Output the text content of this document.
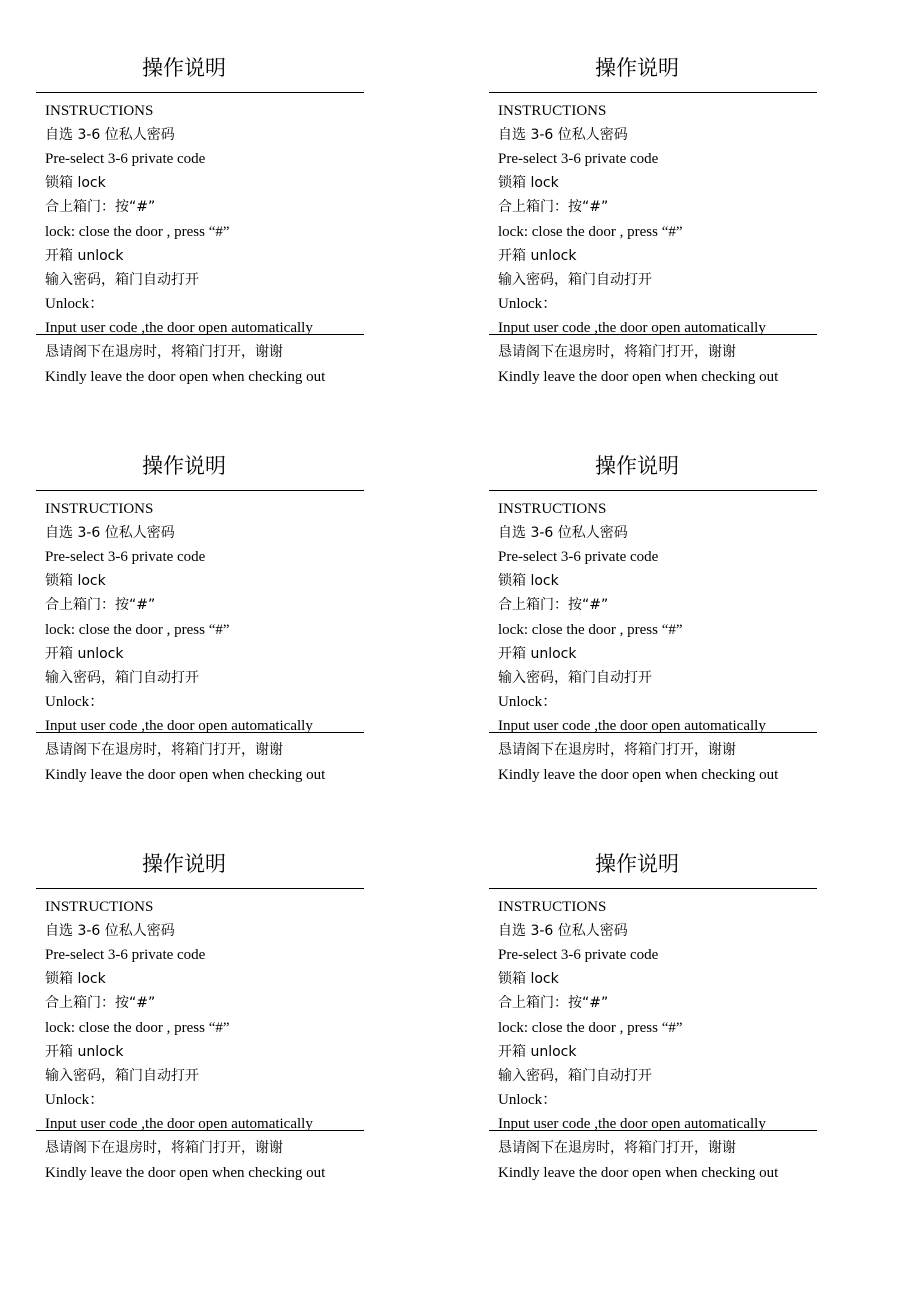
操作说明
INSTRUCTIONS
自选 3-6 位私人密码
Pre-select 3-6 private code
锁箱 lock
合上箱门：按“#”
lock: close the door , press “#”
开箱 unlock
输入密码，箱门自动打开
Unlock：
Input user code ,the door open automatically
恳请阁下在退房时，将箱门打开，谢谢
Kindly leave the door open when checking out
操作说明
INSTRUCTIONS
自选 3-6 位私人密码
Pre-select 3-6 private code
锁箱 lock
合上箱门：按“#”
lock: close the door , press “#”
开箱 unlock
输入密码，箱门自动打开
Unlock：
Input user code ,the door open automatically
恳请阁下在退房时，将箱门打开，谢谢
Kindly leave the door open when checking out
操作说明
INSTRUCTIONS
自选 3-6 位私人密码
Pre-select 3-6 private code
锁箱 lock
合上箱门：按“#”
lock: close the door , press “#”
开箱 unlock
输入密码，箱门自动打开
Unlock：
Input user code ,the door open automatically
恳请阁下在退房时，将箱门打开，谢谢
Kindly leave the door open when checking out
操作说明
INSTRUCTIONS
自选 3-6 位私人密码
Pre-select 3-6 private code
锁箱 lock
合上箱门：按“#”
lock: close the door , press “#”
开箱 unlock
输入密码，箱门自动打开
Unlock：
Input user code ,the door open automatically
恳请阁下在退房时，将箱门打开，谢谢
Kindly leave the door open when checking out
操作说明
INSTRUCTIONS
自选 3-6 位私人密码
Pre-select 3-6 private code
锁箱 lock
合上箱门：按“#”
lock: close the door , press “#”
开箱 unlock
输入密码，箱门自动打开
Unlock：
Input user code ,the door open automatically
恳请阁下在退房时，将箱门打开，谢谢
Kindly leave the door open when checking out
操作说明
INSTRUCTIONS
自选 3-6 位私人密码
Pre-select 3-6 private code
锁箱 lock
合上箱门：按“#”
lock: close the door , press “#”
开箱 unlock
输入密码，箱门自动打开
Unlock：
Input user code ,the door open automatically
恳请阁下在退房时，将箱门打开，谢谢
Kindly leave the door open when checking out
